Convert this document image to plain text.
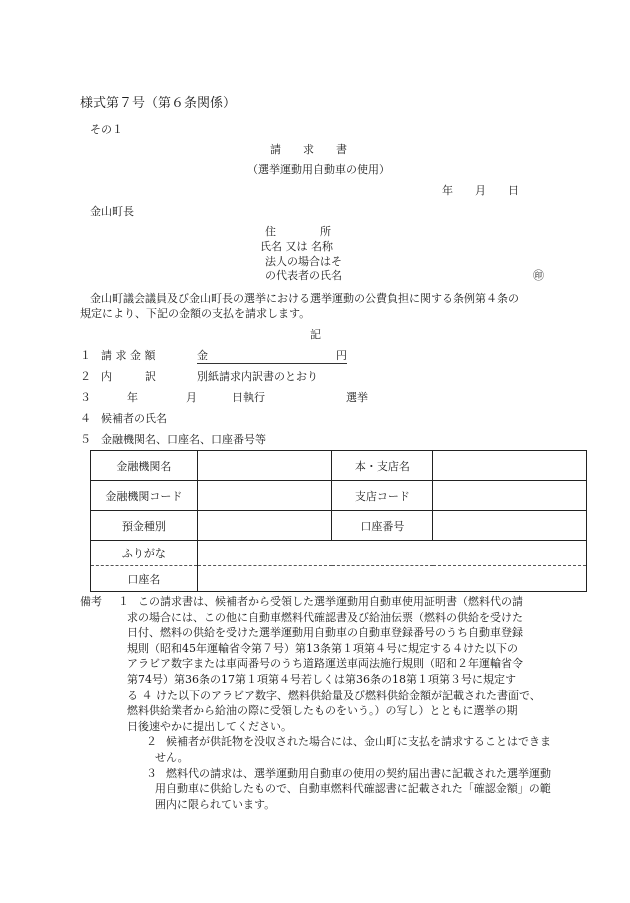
様式第７号（第６条関係）
その１
請　　求　　書
（選挙運動用自動車の使用）
年　　月　　日
金山町長
住　　　　所
氏名 又は 名称
法人の場合はそ
の代表者の氏名	㊞
金山町議会議員及び金山町長の選挙における選挙運動の公費負担に関する条例第４条の
規定により、下記の金額の支払を請求します。
記
１ 請 求 金 額	金	円
２ 内　　　訳	別紙請求内訳書のとおり
３	年	月	日執行	選挙
４ 候補者の氏名
５ 金融機関名、口座名、口座番号等
金融機関名		本・支店名	
金融機関コード		支店コード	
預金種別		口座番号	
ふりがな			
口座名			
備考 １ この請求書は、候補者から受領した選挙運動用自動車使用証明書（燃料代の請
求の場合には、この他に自動車燃料代確認書及び給油伝票（燃料の供給を受けた
日付、燃料の供給を受けた選挙運動用自動車の自動車登録番号のうち自動車登録
規則（昭和45年運輸省令第７号）第13条第１項第４号に規定する４けた以下の
アラビア数字または車両番号のうち道路運送車両法施行規則（昭和２年運輸省令
第74号）第36条の17第１項第４号若しくは第36条の18第１項第３号に規定す
る ４ けた以下のアラビア数字、燃料供給量及び燃料供給金額が記載された書面で、
燃料供給業者から給油の際に受領したものをいう。）の写し）とともに選挙の期
日後速やかに提出してください。
２ 候補者が供託物を没収された場合には、金山町に支払を請求することはできま
せん。
３ 燃料代の請求は、選挙運動用自動車の使用の契約届出書に記載された選挙運動
用自動車に供給したもので、自動車燃料代確認書に記載された「確認金額」の範
囲内に限られています。
